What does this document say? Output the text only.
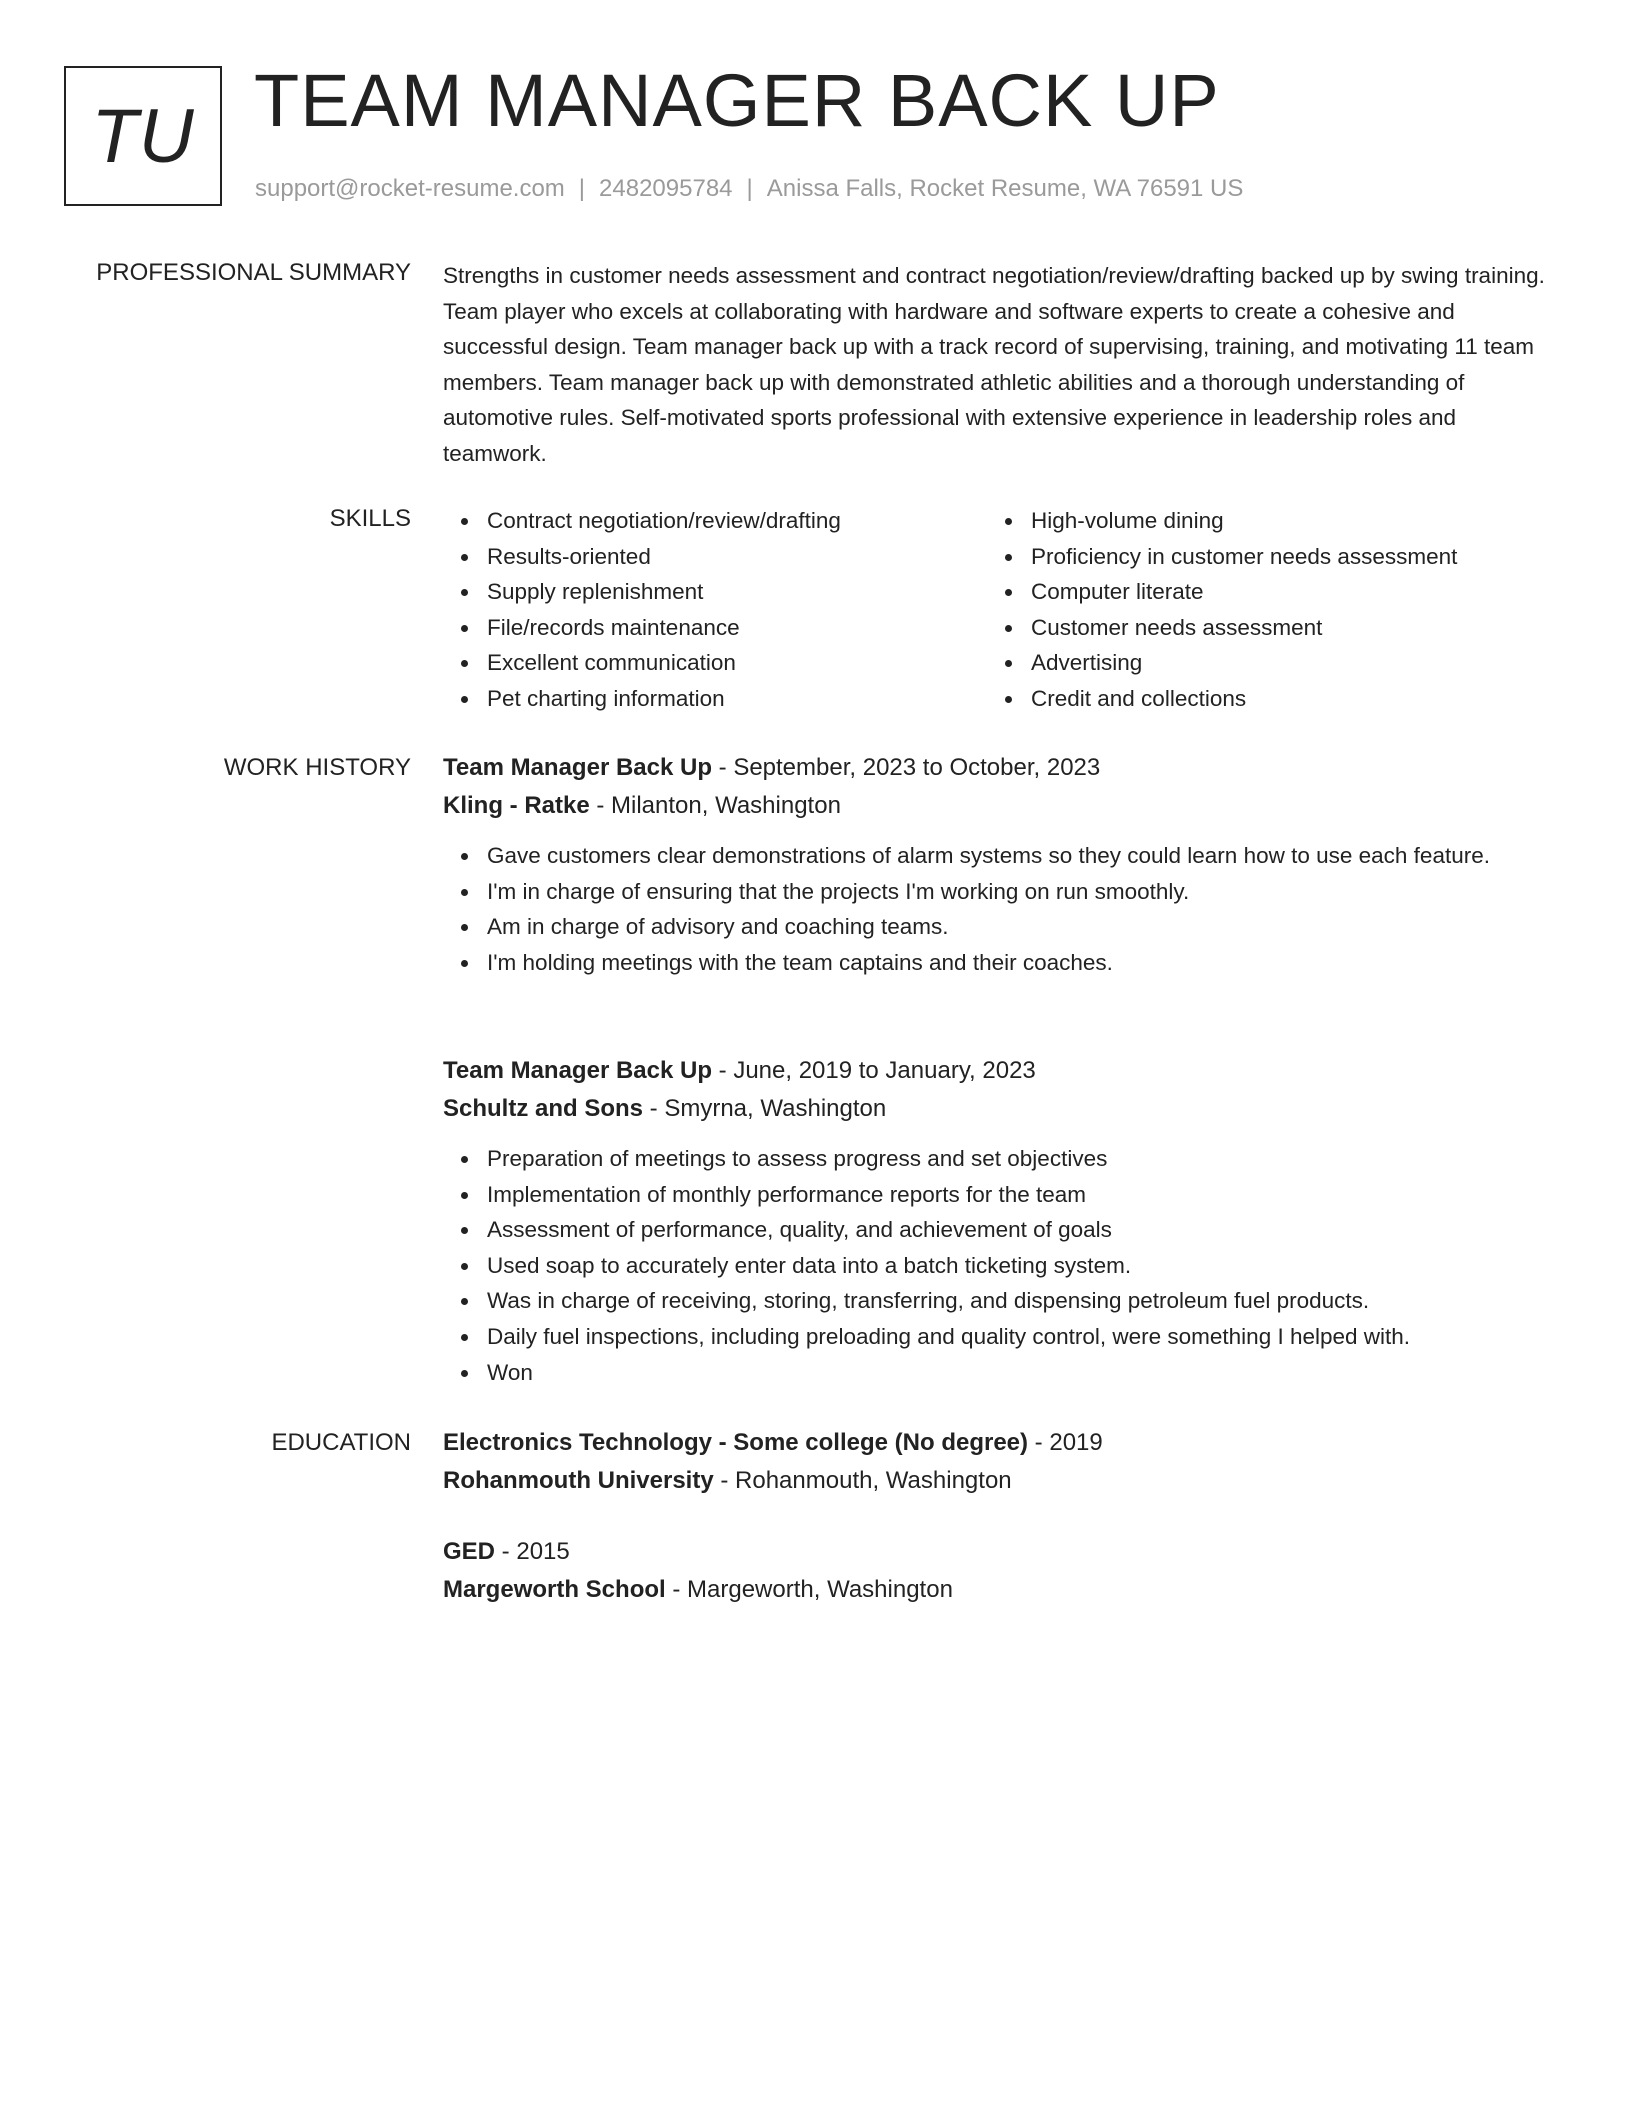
TU TEAM MANAGER BACK UP
support@rocket-resume.com | 2482095784 | Anissa Falls, Rocket Resume, WA 76591 US
PROFESSIONAL SUMMARY Strengths in customer needs assessment and contract negotiation/review/drafting backed up by swing training. Team player who excels at collaborating with hardware and software experts to create a cohesive and successful design. Team manager back up with a track record of supervising, training, and motivating 11 team members. Team manager back up with demonstrated athletic abilities and a thorough understanding of automotive rules. Self-motivated sports professional with extensive experience in leadership roles and teamwork.

SKILLS	Contract negotiation/review/drafting
Results-oriented
Supply replenishment
File/records maintenance
Excellent communication
Pet charting information
High-volume dining
Proficiency in customer needs assessment
Computer literate
Customer needs assessment
Advertising
Credit and collections
WORK HISTORY Team Manager Back Up - September, 2023 to October, 2023
Kling - Ratke - Milanton, Washington
Gave customers clear demonstrations of alarm systems so they could learn how to use each feature.
I'm in charge of ensuring that the projects I'm working on run smoothly.
Am in charge of advisory and coaching teams.
I'm holding meetings with the team captains and their coaches.
Team Manager Back Up - June, 2019 to January, 2023
Schultz and Sons - Smyrna, Washington
Preparation of meetings to assess progress and set objectives
Implementation of monthly performance reports for the team
Assessment of performance, quality, and achievement of goals
Used soap to accurately enter data into a batch ticketing system.
Was in charge of receiving, storing, transferring, and dispensing petroleum fuel products.
Daily fuel inspections, including preloading and quality control, were something I helped with.
Won
EDUCATION Electronics Technology - Some college (No degree) - 2019
Rohanmouth University - Rohanmouth, Washington
GED - 2015
Margeworth School - Margeworth, Washington
